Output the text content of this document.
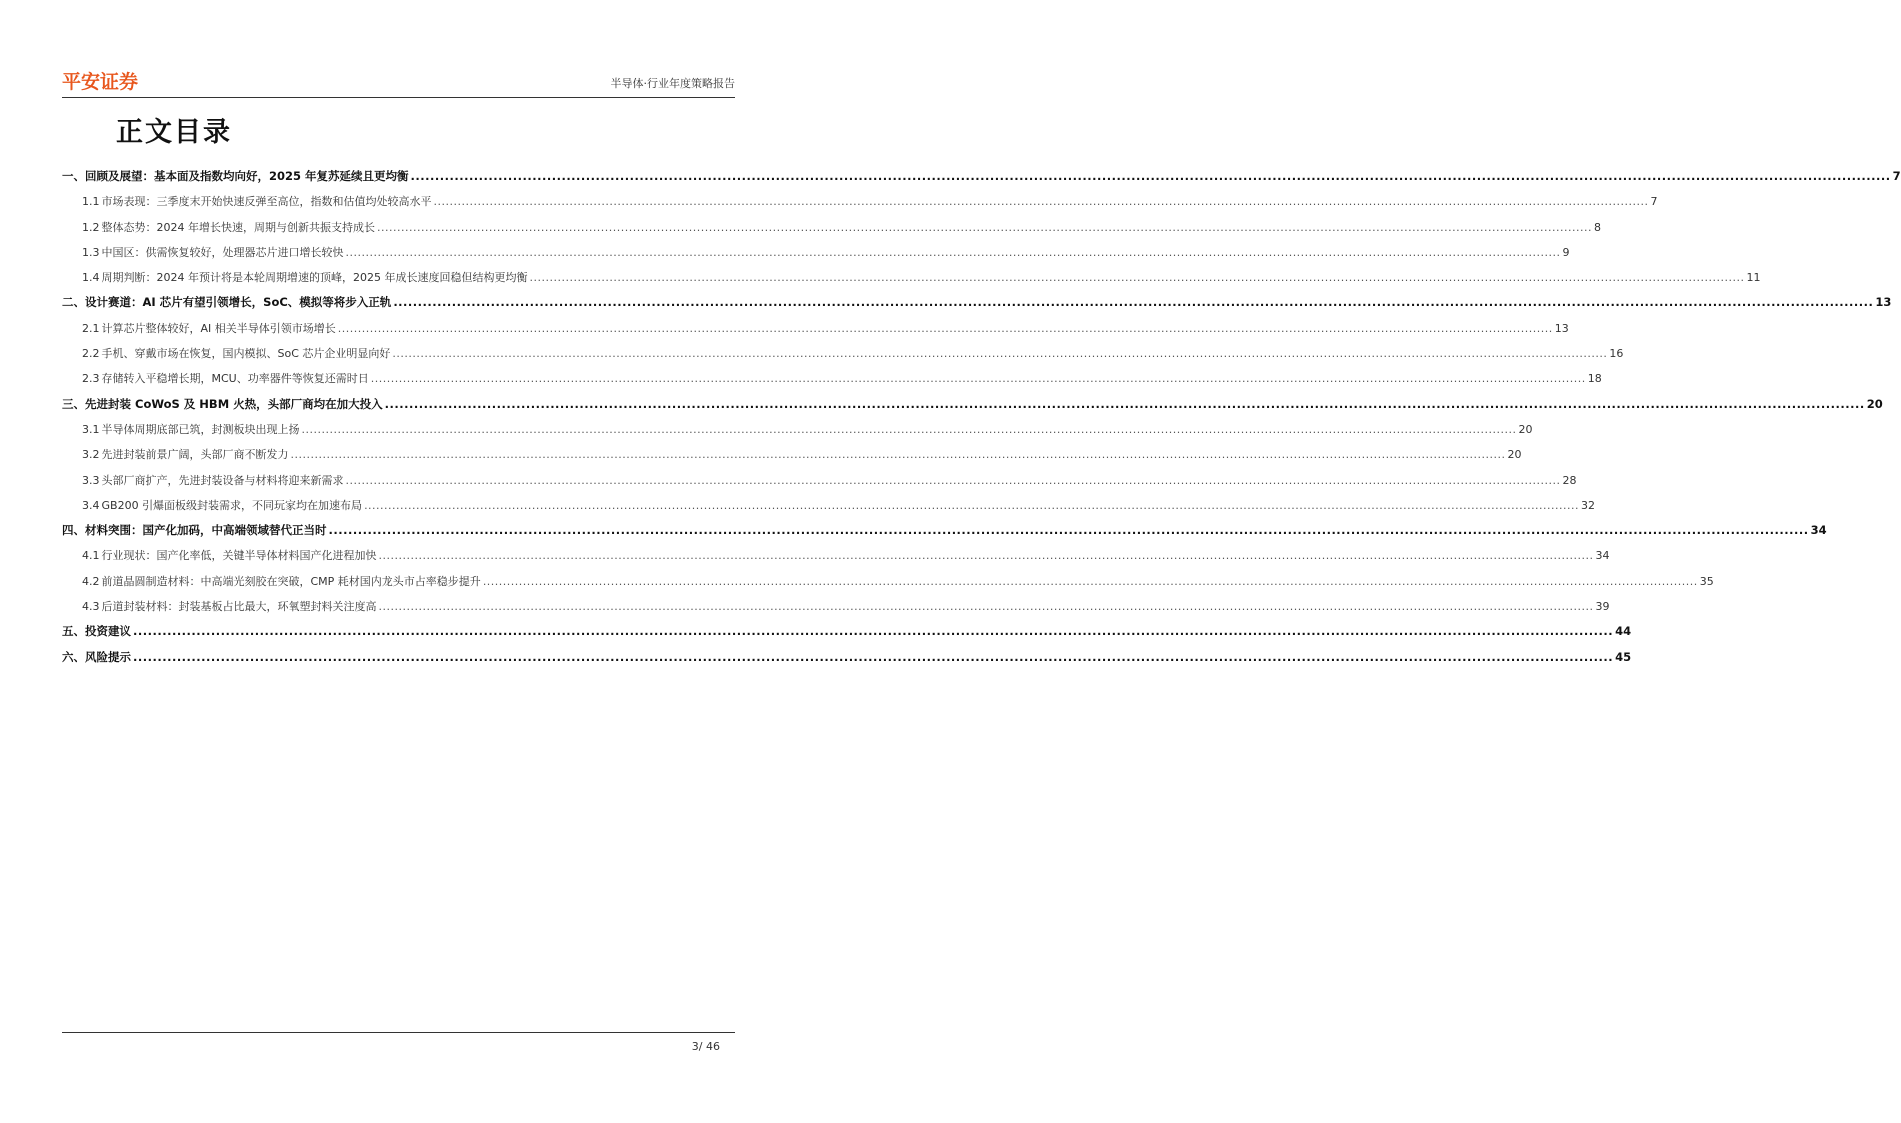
平安证券	半导体·行业年度策略报告
正文目录
一、 回顾及展望：基本面及指数均向好，2025 年复苏延续且更均衡 .....	7
1.1 市场表现：三季度末开始快速反弹至高位，指数和估值均处较高水平 .....	7
1.2 整体态势：2024 年增长快速，周期与创新共振支持成长 .....	8
1.3 中国区：供需恢复较好，处理器芯片进口增长较快 .....	9
1.4 周期判断：2024 年预计将是本轮周期增速的顶峰，2025 年成长速度回稳但结构更均衡 .....	11
二、 设计赛道：AI 芯片有望引领增长，SoC、模拟等将步入正轨 .....	13
2.1 计算芯片整体较好，AI 相关半导体引领市场增长 .....	13
2.2 手机、穿戴市场在恢复，国内模拟、SoC 芯片企业明显向好 .....	16
2.3 存储转入平稳增长期，MCU、功率器件等恢复还需时日 .....	18
三、 先进封装 CoWoS 及 HBM 火热，头部厂商均在加大投入 .....	20
3.1 半导体周期底部已筑，封测板块出现上扬 .....	20
3.2 先进封装前景广阔，头部厂商不断发力 .....	20
3.3 头部厂商扩产，先进封装设备与材料将迎来新需求 .....	28
3.4 GB200 引爆面板级封装需求，不同玩家均在加速布局 .....	32
四、 材料突围：国产化加码，中高端领域替代正当时 .....	34
4.1 行业现状：国产化率低，关键半导体材料国产化进程加快 .....	34
4.2 前道晶圆制造材料：中高端光刻胶在突破，CMP 耗材国内龙头市占率稳步提升 .....	35
4.3 后道封装材料：封装基板占比最大，环氧塑封料关注度高 .....	39
五、 投资建议 .....	44
六、 风险提示 .....	45
3/ 46
